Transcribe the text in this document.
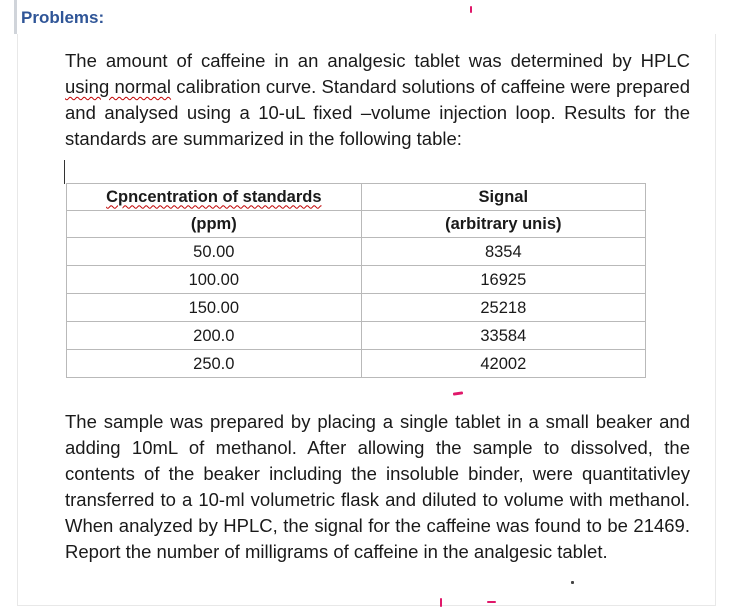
Problems:
The amount of caffeine in an analgesic tablet was determined by HPLC using normal calibration curve. Standard solutions of caffeine were prepared and analysed using a 10-uL fixed –volume injection loop. Results for the standards are summarized in the following table:
Cpncentration of standards	Signal
(ppm)	(arbitrary unis)
50.00	8354
100.00	16925
150.00	25218
200.0	33584
250.0	42002
The sample was prepared by placing a single tablet in a small beaker and adding 10mL of methanol. After allowing the sample to dissolved, the contents of the beaker including the insoluble binder, were quantitativley transferred to a 10-ml volumetric flask and diluted to volume with methanol. When analyzed by HPLC, the signal for the caffeine was found to be 21469. Report the number of milligrams of caffeine in the analgesic tablet.
